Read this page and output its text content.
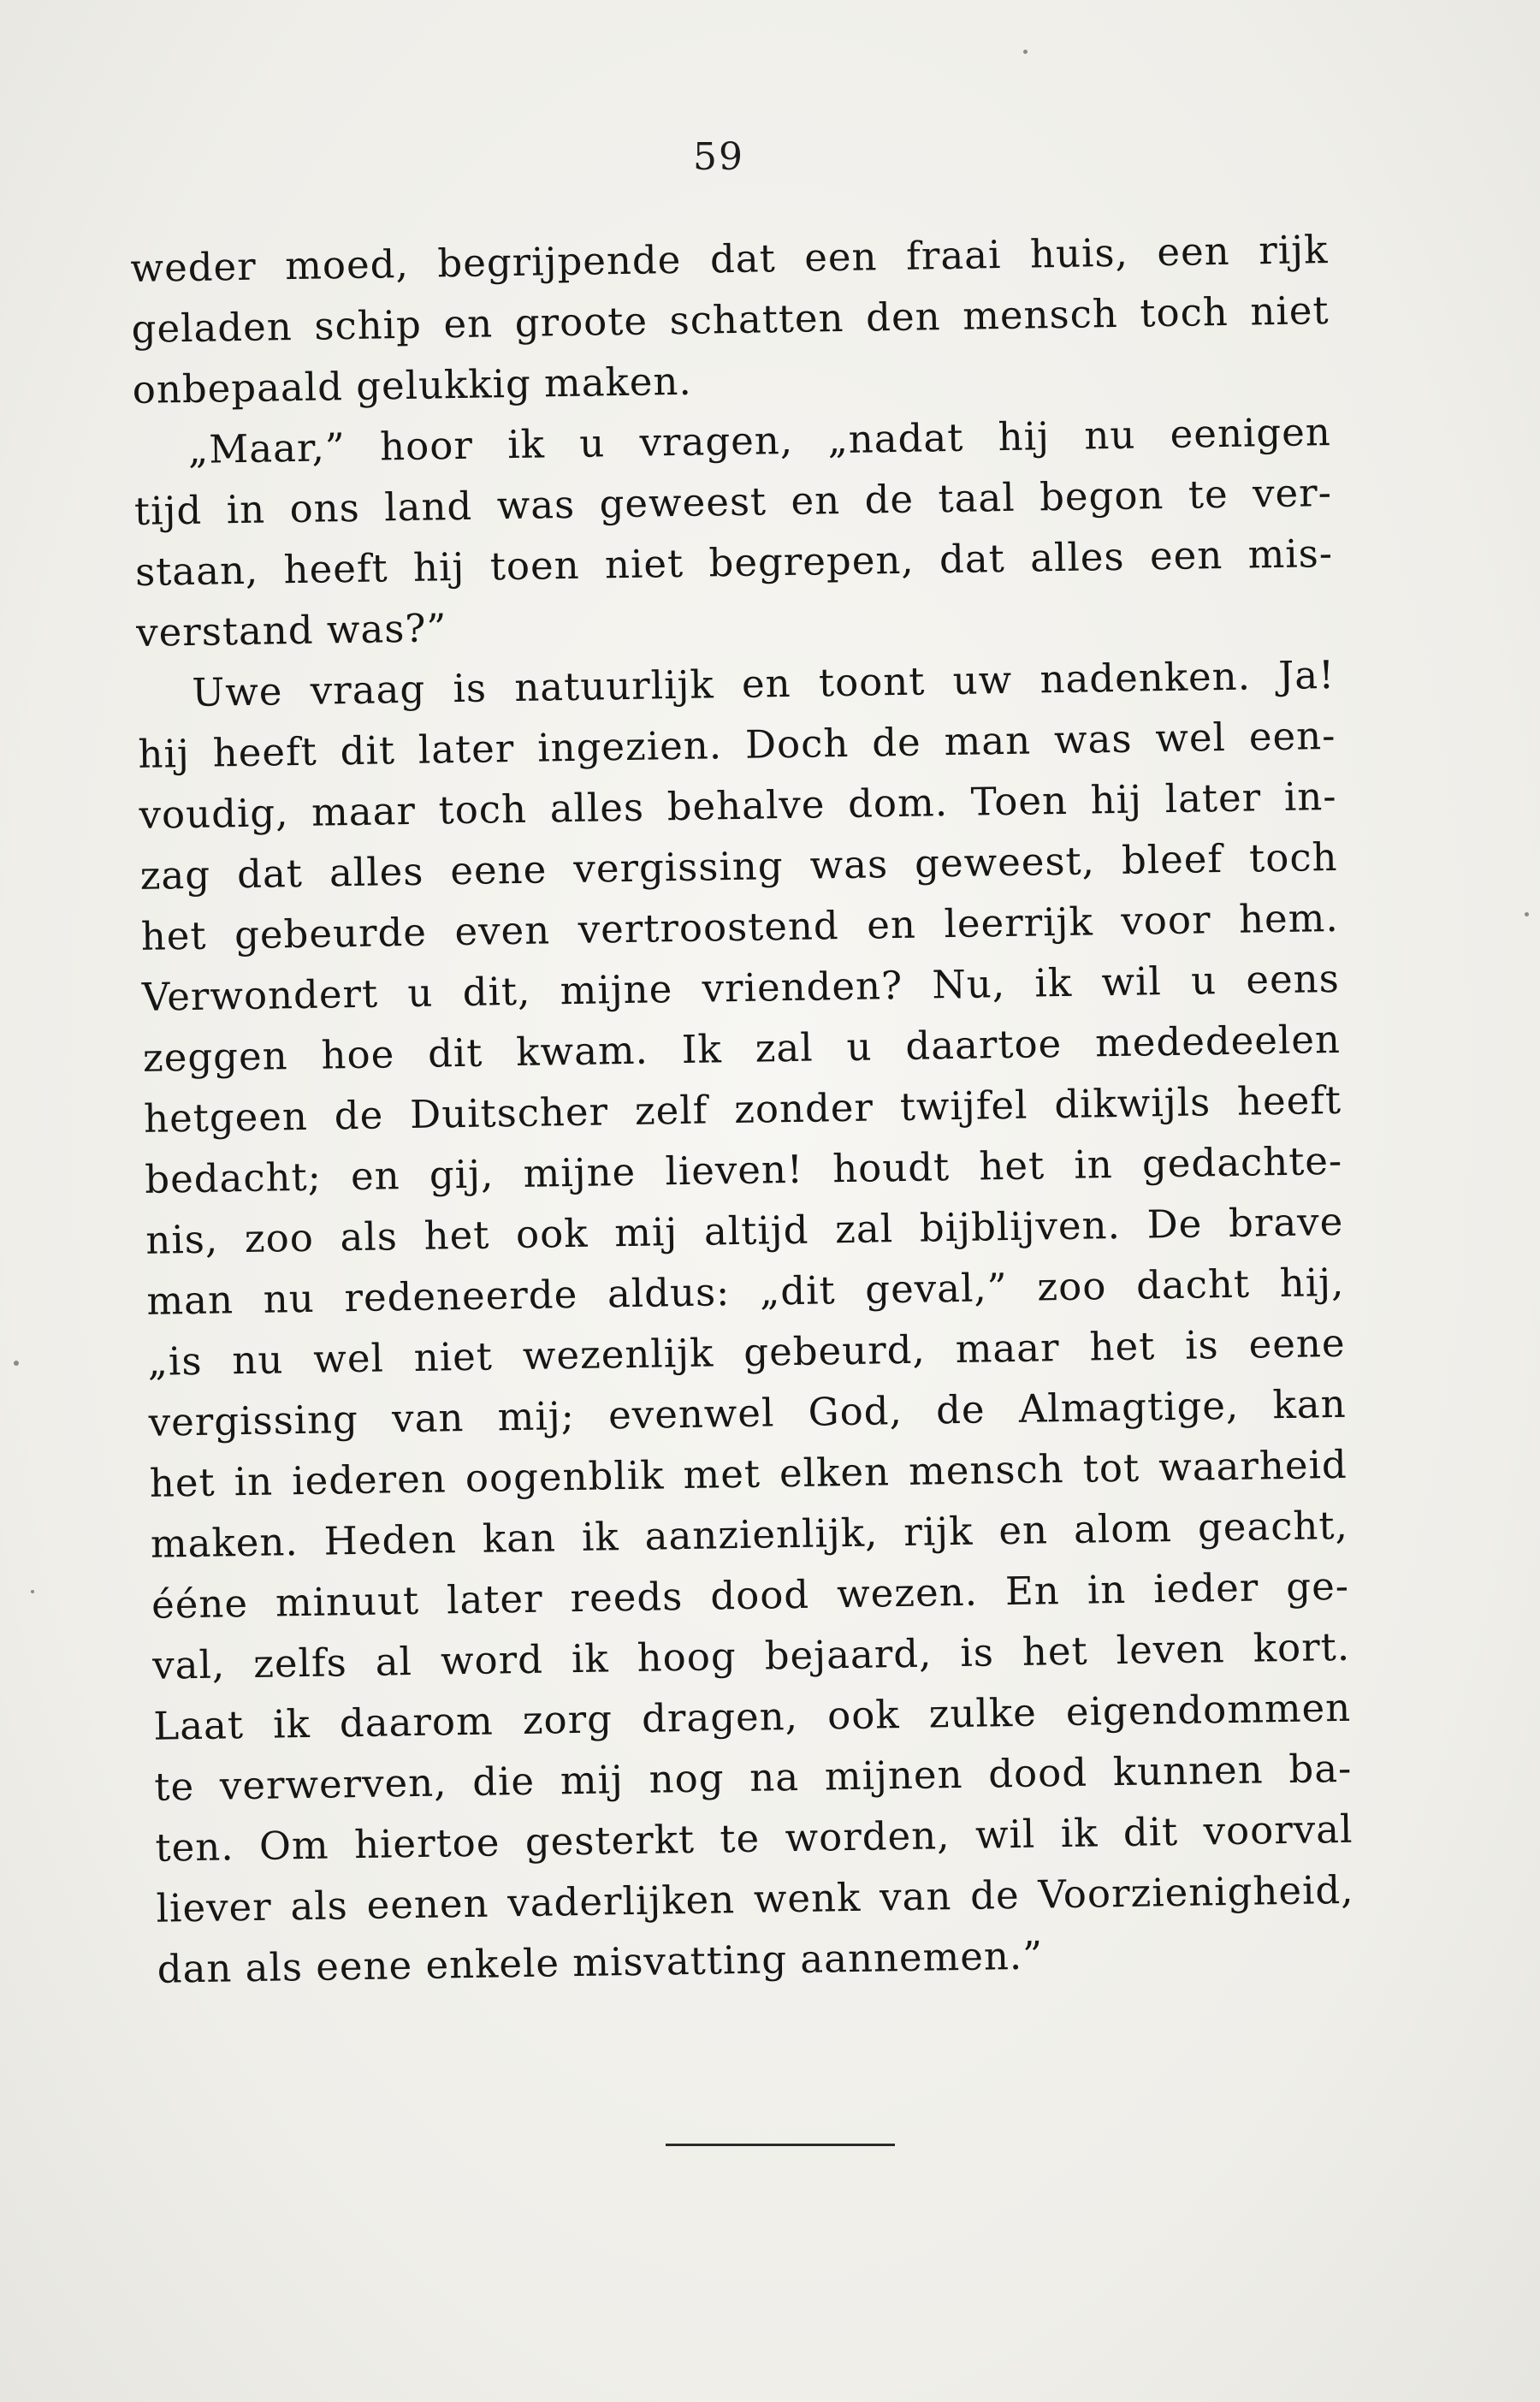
59
weder moed, begrijpende dat een fraai huis, een rijk
geladen schip en groote schatten den mensch toch niet
onbepaald gelukkig maken.
„Maar,” hoor ik u vragen, „nadat hij nu eenigen
tijd in ons land was geweest en de taal begon te ver-
staan, heeft hij toen niet begrepen, dat alles een mis-
verstand was?”
Uwe vraag is natuurlijk en toont uw nadenken. Ja!
hij heeft dit later ingezien. Doch de man was wel een-
voudig, maar toch alles behalve dom. Toen hij later in-
zag dat alles eene vergissing was geweest, bleef toch
het gebeurde even vertroostend en leerrijk voor hem.
Verwondert u dit, mijne vrienden? Nu, ik wil u eens
zeggen hoe dit kwam. Ik zal u daartoe mededeelen
hetgeen de Duitscher zelf zonder twijfel dikwijls heeft
bedacht; en gij, mijne lieven! houdt het in gedachte-
nis, zoo als het ook mij altijd zal bijblijven. De brave
man nu redeneerde aldus: „dit geval,” zoo dacht hij,
„is nu wel niet wezenlijk gebeurd, maar het is eene
vergissing van mij; evenwel God, de Almagtige, kan
het in iederen oogenblik met elken mensch tot waarheid
maken. Heden kan ik aanzienlijk, rijk en alom geacht,
ééne minuut later reeds dood wezen. En in ieder ge-
val, zelfs al word ik hoog bejaard, is het leven kort.
Laat ik daarom zorg dragen, ook zulke eigendommen
te verwerven, die mij nog na mijnen dood kunnen ba-
ten. Om hiertoe gesterkt te worden, wil ik dit voorval
liever als eenen vaderlijken wenk van de Voorzienigheid,
dan als eene enkele misvatting aannemen.”
